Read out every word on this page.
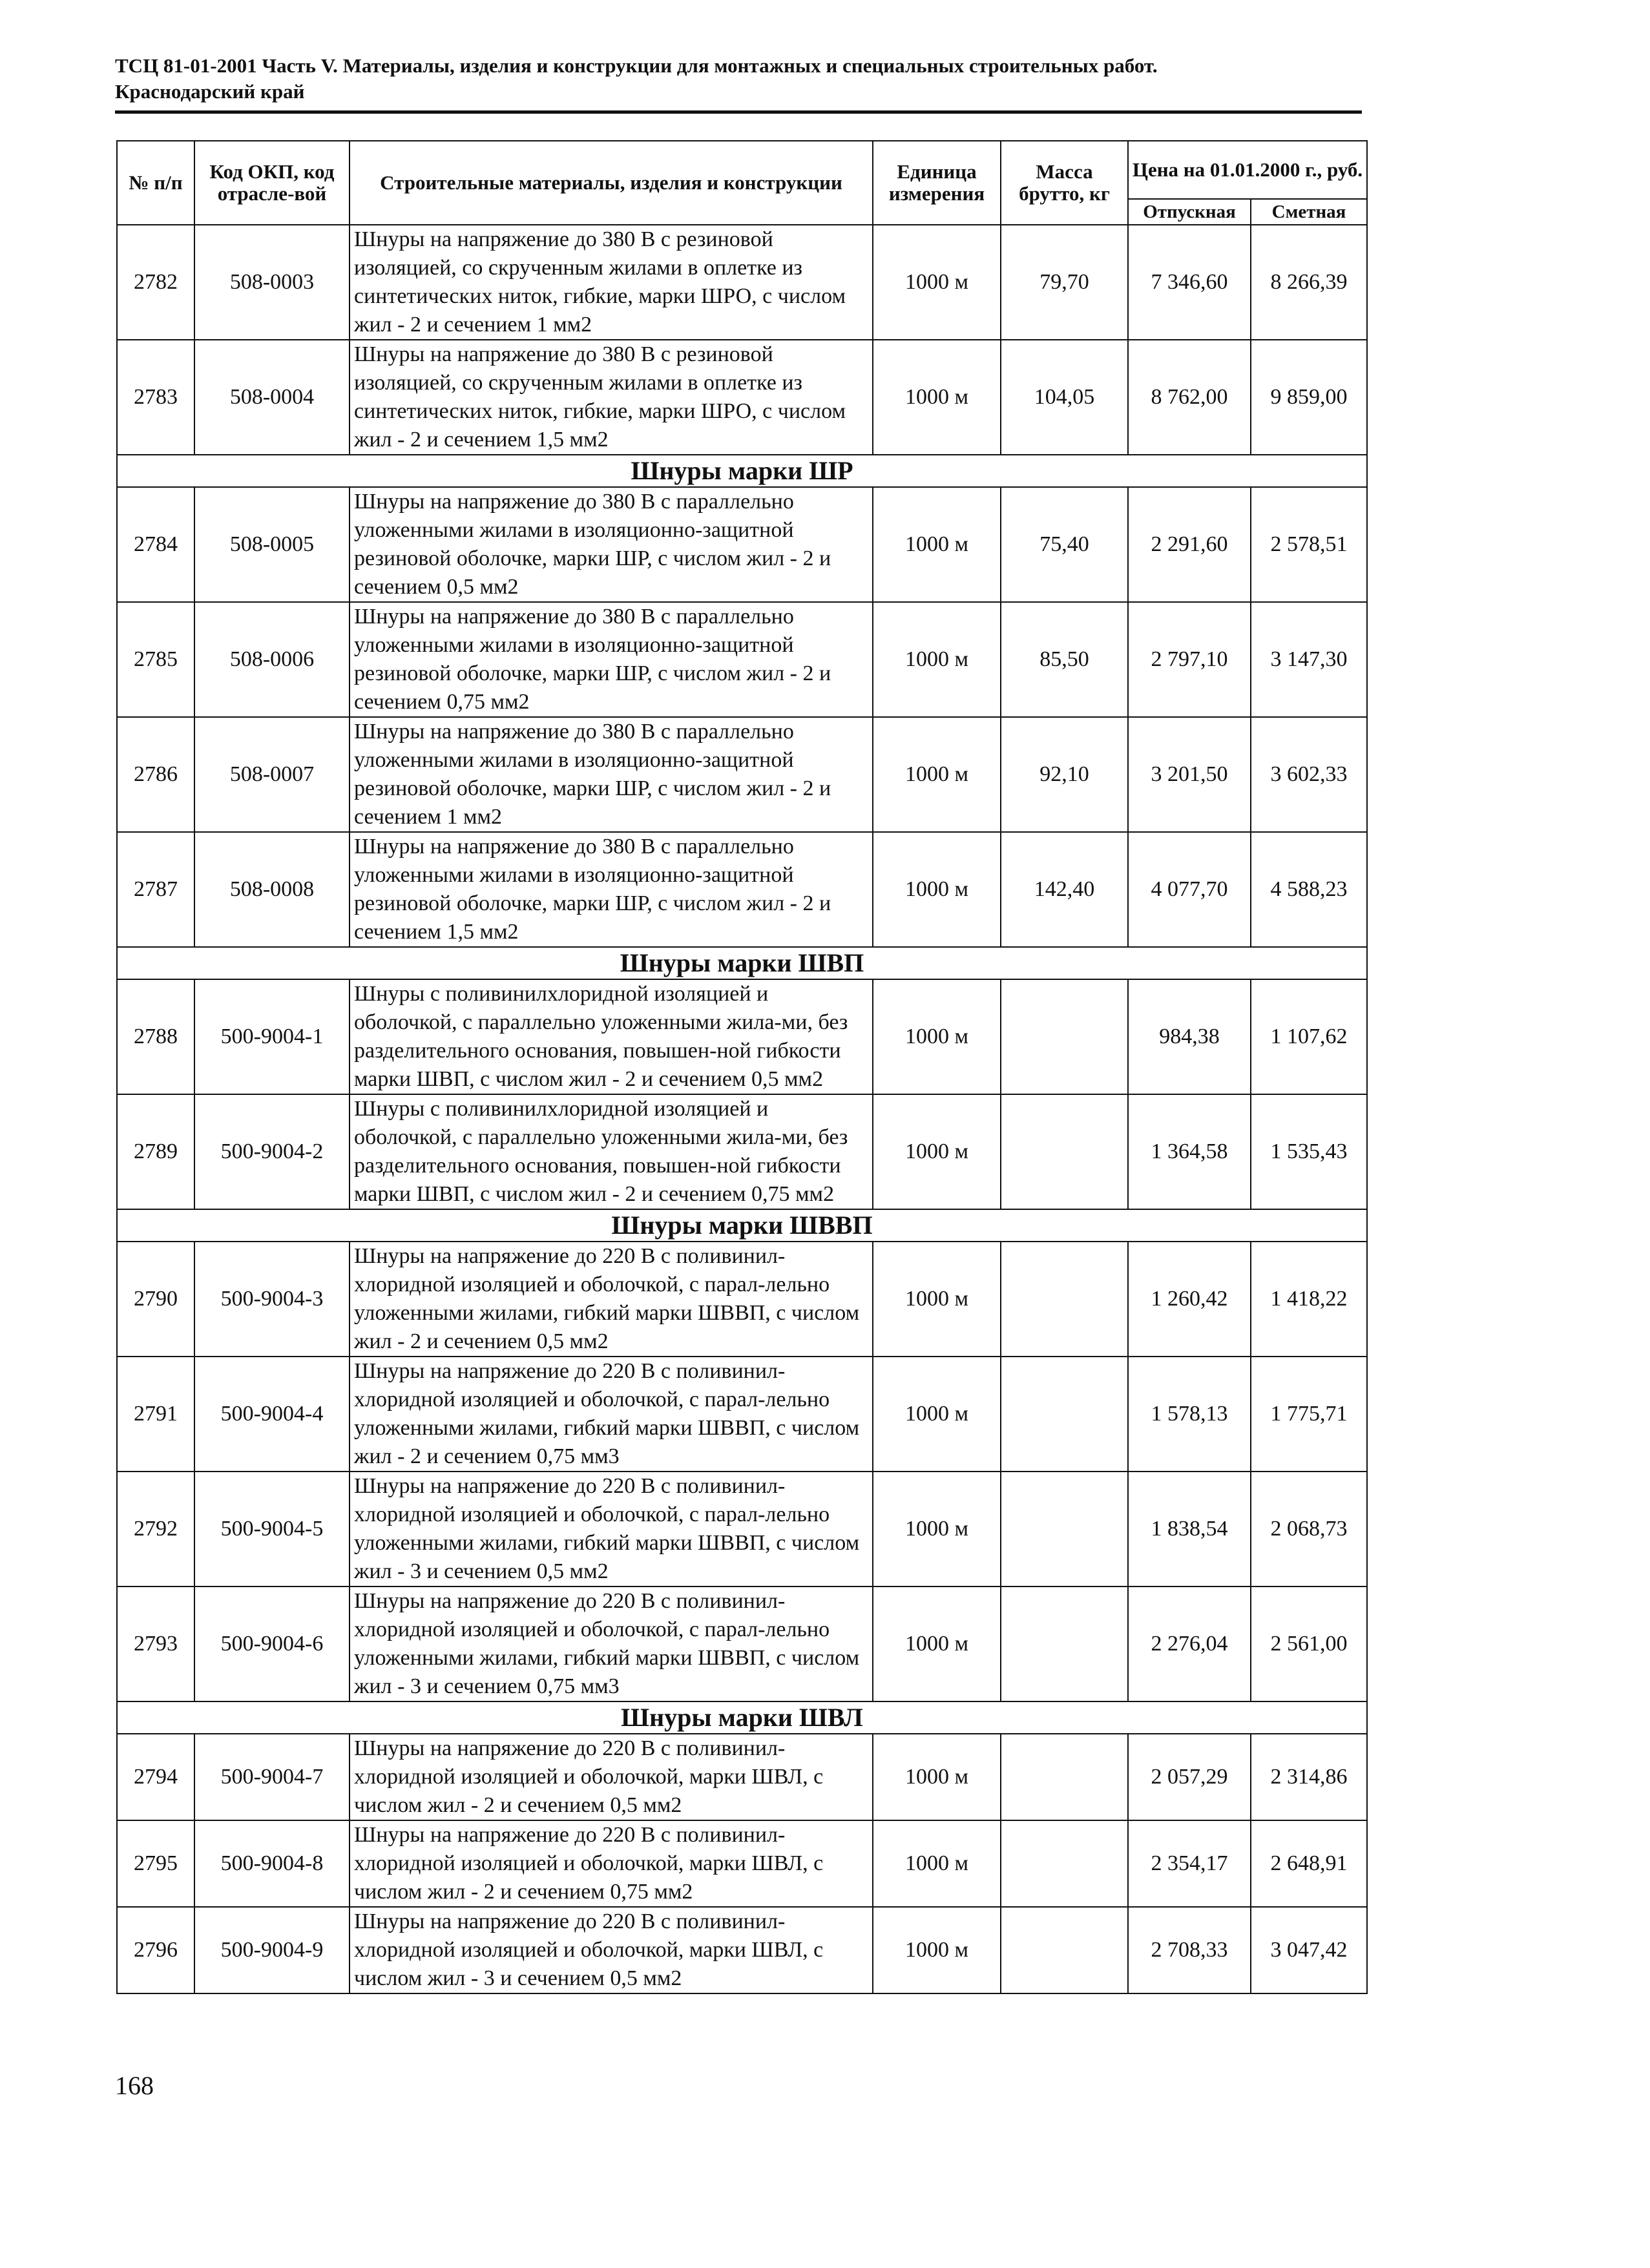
ТСЦ 81-01-2001 Часть V. Материалы, изделия и конструкции для монтажных и специальных строительных работ.
Краснодарский край
№ п/п	Код ОКП, код отрасле-вой	Строительные материалы, изделия и конструкции	Единица измерения	Масса брутто, кг	Цена на 01.01.2000 г., руб.	
					Отпускная	Сметная
2782	508-0003	Шнуры на напряжение до 380 В с резиновой изоляцией, со скрученным жилами в оплетке из синтетических ниток, гибкие, марки ШРО, с числом жил - 2 и сечением 1 мм2	1000 м	79,70	7 346,60	8 266,39
2783	508-0004	Шнуры на напряжение до 380 В с резиновой изоляцией, со скрученным жилами в оплетке из синтетических ниток, гибкие, марки ШРО, с числом жил - 2 и сечением 1,5 мм2	1000 м	104,05	8 762,00	9 859,00
Шнуры марки ШР						
2784	508-0005	Шнуры на напряжение до 380 В с параллельно уложенными жилами в изоляционно-защитной резиновой оболочке, марки ШР, с числом жил - 2 и сечением 0,5 мм2	1000 м	75,40	2 291,60	2 578,51
2785	508-0006	Шнуры на напряжение до 380 В с параллельно уложенными жилами в изоляционно-защитной резиновой оболочке, марки ШР, с числом жил - 2 и сечением 0,75 мм2	1000 м	85,50	2 797,10	3 147,30
2786	508-0007	Шнуры на напряжение до 380 В с параллельно уложенными жилами в изоляционно-защитной резиновой оболочке, марки ШР, с числом жил - 2 и сечением 1 мм2	1000 м	92,10	3 201,50	3 602,33
2787	508-0008	Шнуры на напряжение до 380 В с параллельно уложенными жилами в изоляционно-защитной резиновой оболочке, марки ШР, с числом жил - 2 и сечением 1,5 мм2	1000 м	142,40	4 077,70	4 588,23
Шнуры марки ШВП						
2788	500-9004-1	Шнуры с поливинилхлоридной изоляцией и оболочкой, с параллельно уложенными жила-ми, без разделительного основания, повышен-ной гибкости марки ШВП, с числом жил - 2 и сечением 0,5 мм2	1000 м		984,38	1 107,62
2789	500-9004-2	Шнуры с поливинилхлоридной изоляцией и оболочкой, с параллельно уложенными жила-ми, без разделительного основания, повышен-ной гибкости марки ШВП, с числом жил - 2 и сечением 0,75 мм2	1000 м		1 364,58	1 535,43
Шнуры марки ШВВП						
2790	500-9004-3	Шнуры на напряжение до 220 В с поливинил-хлоридной изоляцией и оболочкой, с парал-лельно уложенными жилами, гибкий марки ШВВП, с числом жил - 2 и сечением 0,5 мм2	1000 м		1 260,42	1 418,22
2791	500-9004-4	Шнуры на напряжение до 220 В с поливинил-хлоридной изоляцией и оболочкой, с парал-лельно уложенными жилами, гибкий марки ШВВП, с числом жил - 2 и сечением 0,75 мм3	1000 м		1 578,13	1 775,71
2792	500-9004-5	Шнуры на напряжение до 220 В с поливинил-хлоридной изоляцией и оболочкой, с парал-лельно уложенными жилами, гибкий марки ШВВП, с числом жил - 3 и сечением 0,5 мм2	1000 м		1 838,54	2 068,73
2793	500-9004-6	Шнуры на напряжение до 220 В с поливинил-хлоридной изоляцией и оболочкой, с парал-лельно уложенными жилами, гибкий марки ШВВП, с числом жил - 3 и сечением 0,75 мм3	1000 м		2 276,04	2 561,00
Шнуры марки ШВЛ						
2794	500-9004-7	Шнуры на напряжение до 220 В с поливинил-хлоридной изоляцией и оболочкой, марки ШВЛ, с числом жил - 2 и сечением 0,5 мм2	1000 м		2 057,29	2 314,86
2795	500-9004-8	Шнуры на напряжение до 220 В с поливинил-хлоридной изоляцией и оболочкой, марки ШВЛ, с числом жил - 2 и сечением 0,75 мм2	1000 м		2 354,17	2 648,91
2796	500-9004-9	Шнуры на напряжение до 220 В с поливинил-хлоридной изоляцией и оболочкой, марки ШВЛ, с числом жил - 3 и сечением 0,5 мм2	1000 м		2 708,33	3 047,42
168
